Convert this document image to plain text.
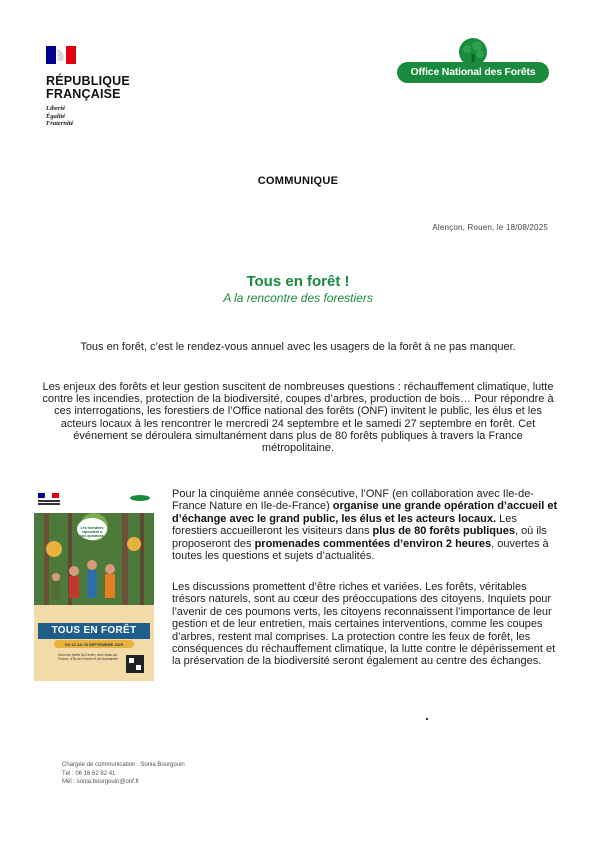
RÉPUBLIQUE
FRANÇAISE
Liberté
Égalité
Fraternité
Office National des Forêts
COMMUNIQUE
Alençon, Rouen, le 18/08/2025
Tous en forêt !
A la rencontre des forestiers
Tous en forêt, c’est le rendez-vous annuel avec les usagers de la forêt à ne pas manquer.
Les enjeux des forêts et leur gestion suscitent de nombreuses questions : réchauffement climatique, lutte contre les incendies, protection de la biodiversité, coupes d’arbres, production de bois… Pour répondre à ces interrogations, les forestiers de l’Office national des forêts (ONF) invitent le public, les élus et les acteurs locaux à les rencontrer le mercredi 24 septembre et le samedi 27 septembre en forêt. Cet événement se déroulera simultanément dans plus de 80 forêts publiques à travers la France métropolitaine.
Les forestiers répondent à vos questions
TOUS EN FORÊT
DU 22 AU 28 SEPTEMBRE 2025
Dans les forêts du Centre, des Hauts-de-France, d’Île-de-France et de Normandie
Pour la cinquième année consécutive, l’ONF (en collaboration avec Ile-de-France Nature en Ile-de-France) organise une grande opération d’accueil et d’échange avec le grand public, les élus et les acteurs locaux. Les forestiers accueilleront les visiteurs dans plus de 80 forêts publiques, où ils proposeront des promenades commentées d’environ 2 heures, ouvertes à toutes les questions et sujets d’actualités.
Les discussions promettent d’être riches et variées. Les forêts, véritables trésors naturels, sont au cœur des préoccupations des citoyens. Inquiets pour l’avenir de ces poumons verts, les citoyens reconnaissent l’importance de leur gestion et de leur entretien, mais certaines interventions, comme les coupes d’arbres, restent mal comprises. La protection contre les feux de forêt, les conséquences du réchauffement climatique, la lutte contre le dépérissement et la préservation de la biodiversité seront également au centre des échanges.
Chargée de communication : Sonia Bourgouin
Tél : 06 16 62 82 41
Mél : sonia.bourgouin@onf.fr
